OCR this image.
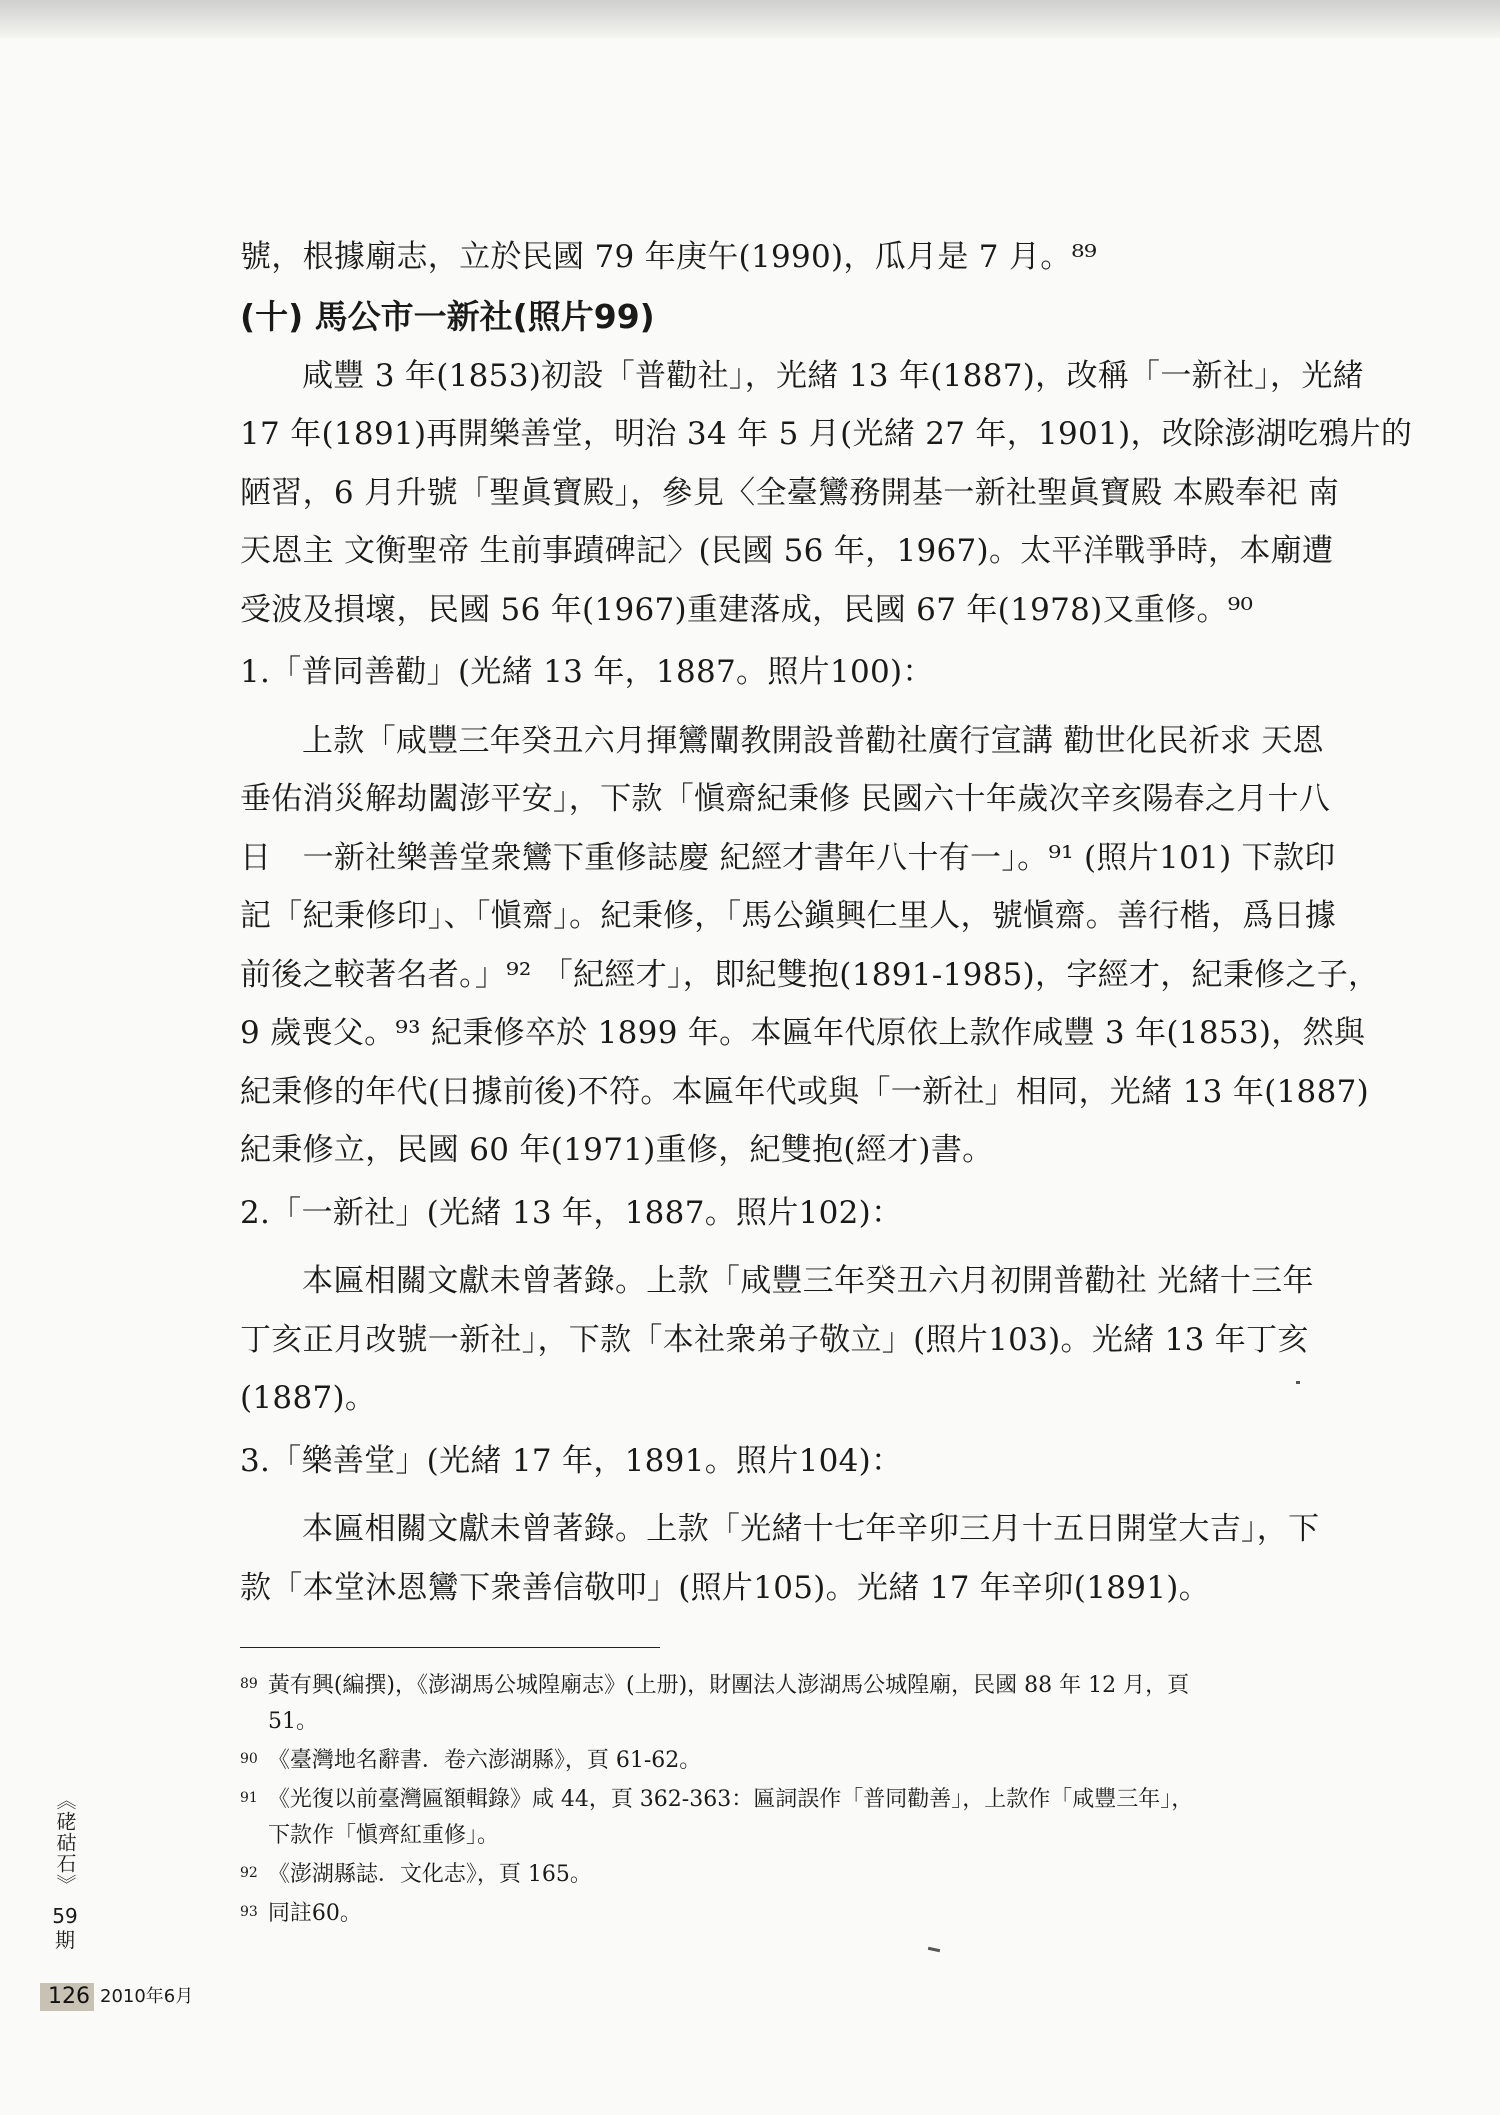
號，根據廟志，立於民國 79 年庚午(1990)，瓜月是 7 月。⁸⁹
(十) 馬公市一新社(照片99)
咸豐 3 年(1853)初設「普勸社」，光緒 13 年(1887)，改稱「一新社」，光緒
17 年(1891)再開樂善堂，明治 34 年 5 月(光緒 27 年，1901)，改除澎湖吃鴉片的
陋習，6 月升號「聖眞寶殿」，參見〈全臺鸞務開基一新社聖眞寶殿 本殿奉祀 南
天恩主 文衡聖帝 生前事蹟碑記〉(民國 56 年，1967)。太平洋戰爭時，本廟遭
受波及損壞，民國 56 年(1967)重建落成，民國 67 年(1978)又重修。⁹⁰
1.「普同善勸」(光緒 13 年，1887。照片100)：
上款「咸豐三年癸丑六月揮鸞闡教開設普勸社廣行宣講 勸世化民祈求 天恩
垂佑消災解劫闔澎平安」，下款「愼齋紀秉修 民國六十年歲次辛亥陽春之月十八
日　一新社樂善堂衆鸞下重修誌慶 紀經才書年八十有一」。⁹¹ (照片101) 下款印
記「紀秉修印」、「愼齋」。紀秉修，「馬公鎭興仁里人，號愼齋。善行楷，爲日據
前後之較著名者。」⁹² 「紀經才」，即紀雙抱(1891-1985)，字經才，紀秉修之子，
9 歲喪父。⁹³ 紀秉修卒於 1899 年。本匾年代原依上款作咸豐 3 年(1853)，然與
紀秉修的年代(日據前後)不符。本匾年代或與「一新社」相同，光緒 13 年(1887)
紀秉修立，民國 60 年(1971)重修，紀雙抱(經才)書。
2.「一新社」(光緒 13 年，1887。照片102)：
本匾相關文獻未曾著錄。上款「咸豐三年癸丑六月初開普勸社 光緒十三年
丁亥正月改號一新社」，下款「本社衆弟子敬立」(照片103)。光緒 13 年丁亥
(1887)。
3.「樂善堂」(光緒 17 年，1891。照片104)：
本匾相關文獻未曾著錄。上款「光緒十七年辛卯三月十五日開堂大吉」，下
款「本堂沐恩鸞下衆善信敬叩」(照片105)。光緒 17 年辛卯(1891)。
$^{89}$ 黃有興(編撰)，《澎湖馬公城隍廟志》(上册)，財團法人澎湖馬公城隍廟，民國 88 年 12 月，頁
51。
$^{90}$ 《臺灣地名辭書．卷六澎湖縣》，頁 61-62。
$^{91}$ 《光復以前臺灣匾額輯錄》咸 44，頁 362-363：匾詞誤作「普同勸善」，上款作「咸豐三年」，
下款作「愼齊紅重修」。
$^{92}$ 《澎湖縣誌．文化志》，頁 165。
$^{93}$ 同註60。
《硓𥑮石》
59期
126 2010年6月
